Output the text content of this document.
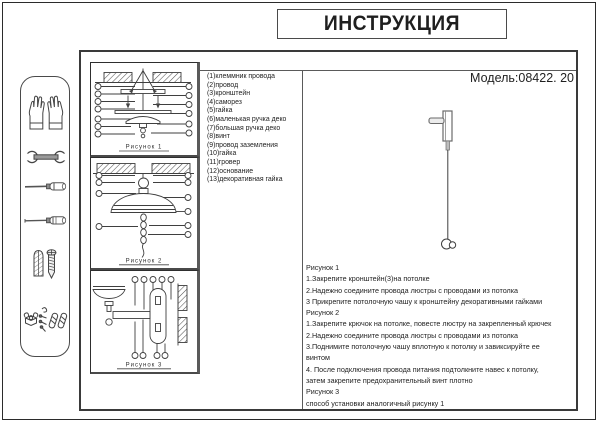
ИНСТРУКЦИЯ
Рисунок 1
Рисунок 2
Рисунок 3
(1)клеммник провода
(2)провод
(3)кронштейн
(4)саморез
(5)гайка
(6)маленькая ручка деко
(7)большая ручка деко
(8)винт
(9)провод заземления
(10)гайка
(11)гровер
(12)основание
(13)декоративная гайка
Модель:08422. 20
Рисунок 1
1.Закрепите кронштейн(3)на потолке
2.Надежно соедините провода люстры с проводами из потолка
3 Прикрепите потолочную чашу к кронштейну декоративными гайками
Рисунок 2
1.Закрепите крючок на потолке, повесте люстру на закрепленный крючек
2.Надежно соедините провода люстры с проводами из потолка
3.Поднимите потолочную чашу вплотную к потолку и завиксируйте ее
винтом
4. После подключения провода питания подтолкните навес к потолку,
затем закрепите предохранительный винт плотно
Рисунок 3
способ установки аналогичный рисунку 1
